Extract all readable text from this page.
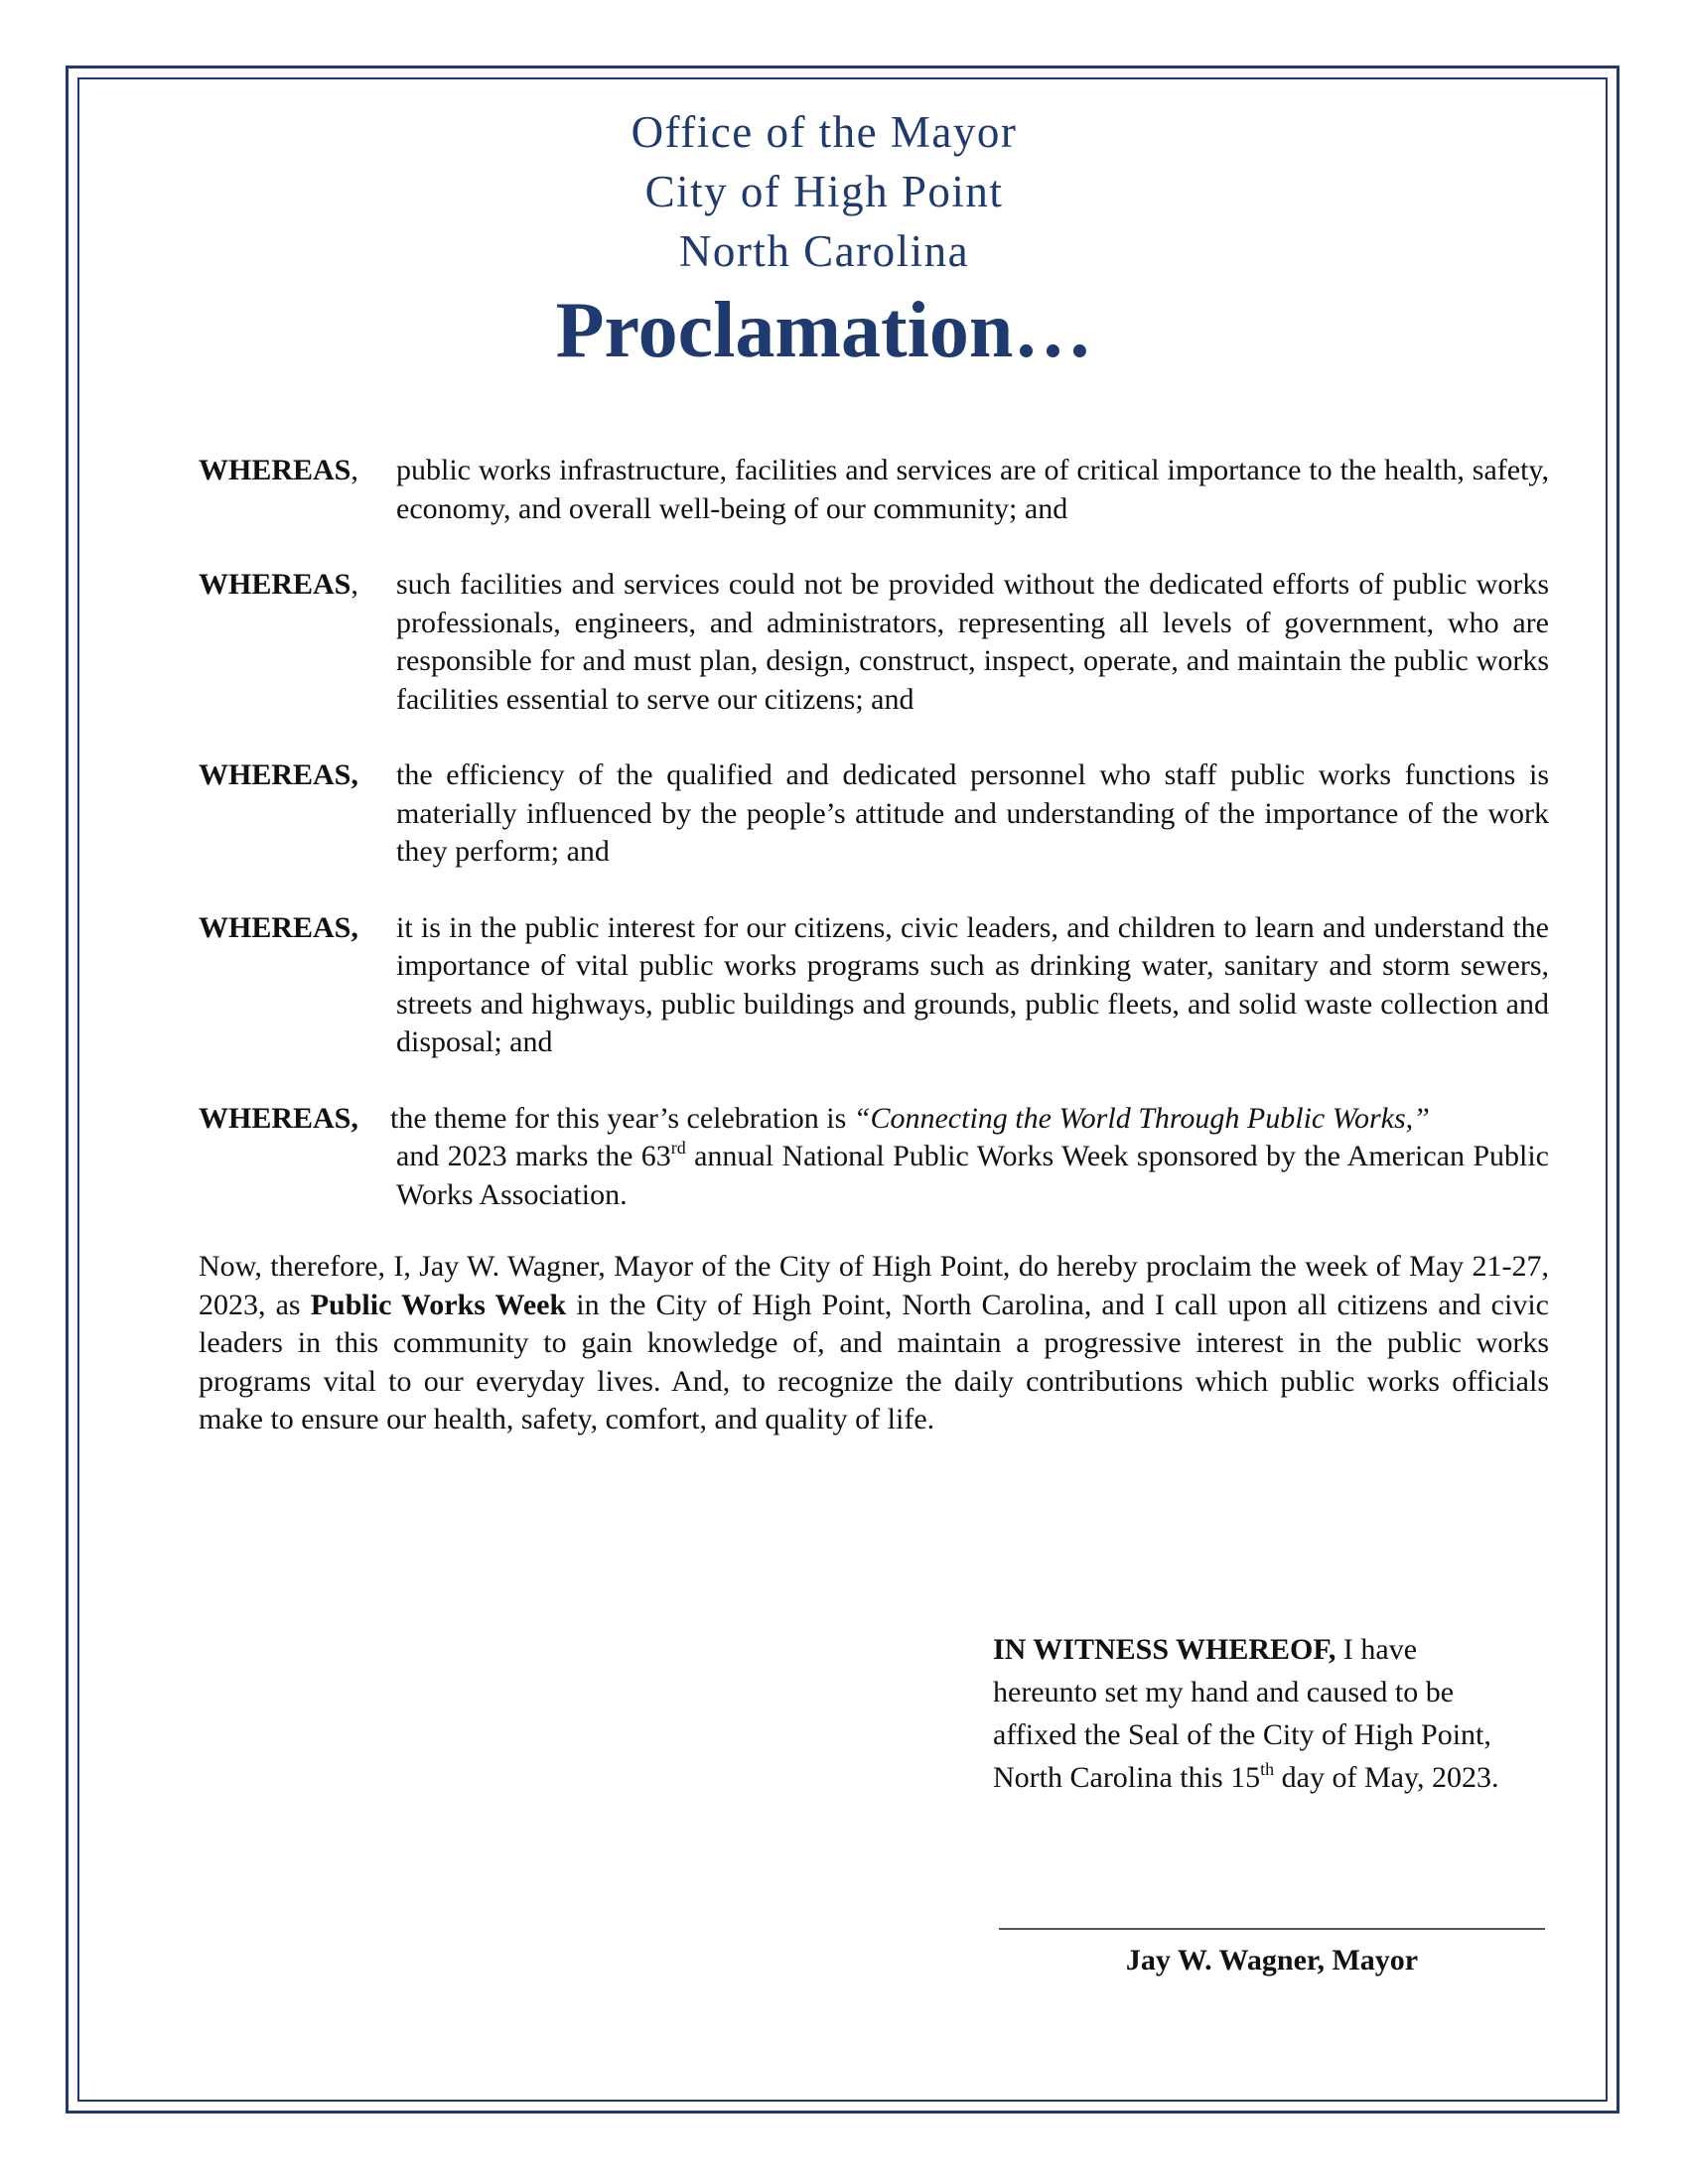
Office of the Mayor
City of High Point
North Carolina
Proclamation…
WHEREAS,	public works infrastructure, facilities and services are of critical importance to the health, safety, economy, and overall well-being of our community; and
WHEREAS,	such facilities and services could not be provided without the dedicated efforts of public works professionals, engineers, and administrators, representing all levels of government, who are responsible for and must plan, design, construct, inspect, operate, and maintain the public works facilities essential to serve our citizens; and
WHEREAS,	the efficiency of the qualified and dedicated personnel who staff public works functions is materially influenced by the people’s attitude and understanding of the importance of the work they perform; and
WHEREAS,	it is in the public interest for our citizens, civic leaders, and children to learn and understand the importance of vital public works programs such as drinking water, sanitary and storm sewers, streets and highways, public buildings and grounds, public fleets, and solid waste collection and disposal; and
WHEREAS,	the theme for this year’s celebration is “Connecting the World Through Public Works,”
and 2023 marks the 63rd annual National Public Works Week sponsored by the American Public Works Association.
Now, therefore, I, Jay W. Wagner, Mayor of the City of High Point, do hereby proclaim the week of May 21-27, 2023, as Public Works Week in the City of High Point, North Carolina, and I call upon all citizens and civic leaders in this community to gain knowledge of, and maintain a progressive interest in the public works programs vital to our everyday lives. And, to recognize the daily contributions which public works officials make to ensure our health, safety, comfort, and quality of life.
IN WITNESS WHEREOF, I have
hereunto set my hand and caused to be
affixed the Seal of the City of High Point,
North Carolina this 15th day of May, 2023.
Jay W. Wagner, Mayor
